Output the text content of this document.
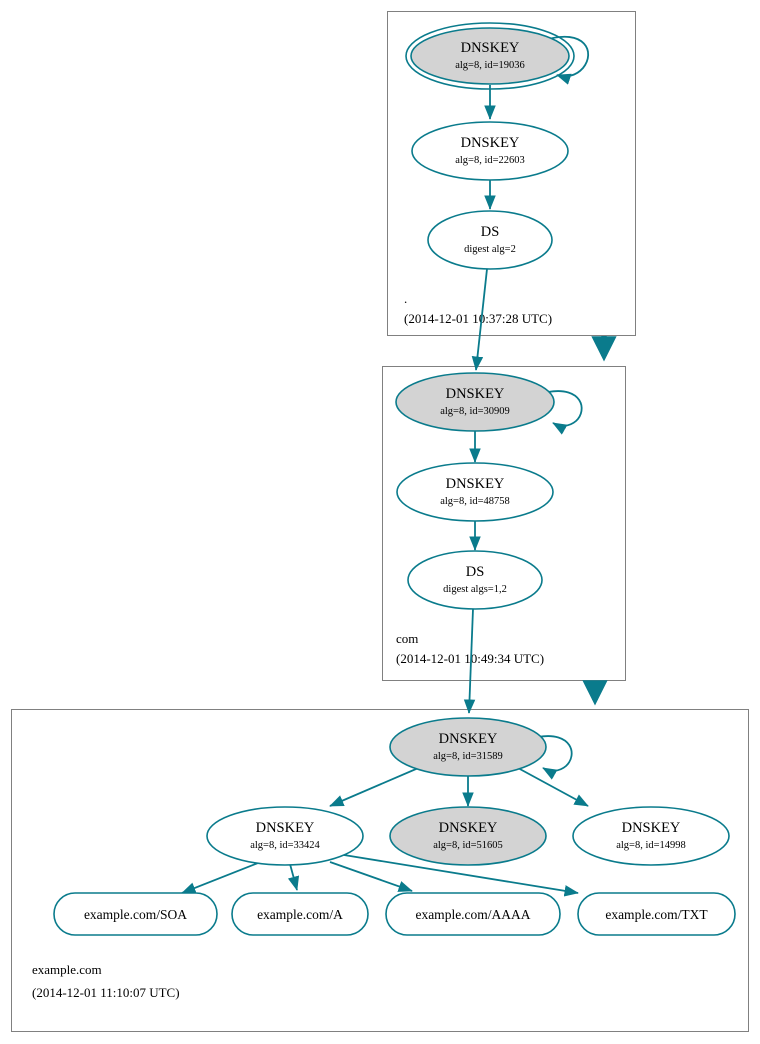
DNSKEY
alg=8, id=19036
DNSKEY
alg=8, id=22603
DS
digest alg=2
.
(2014-12-01 10:37:28 UTC)
DNSKEY
alg=8, id=30909
DNSKEY
alg=8, id=48758
DS
digest algs=1,2
com
(2014-12-01 10:49:34 UTC)
DNSKEY
alg=8, id=31589
DNSKEY
alg=8, id=33424
DNSKEY
alg=8, id=51605
DNSKEY
alg=8, id=14998
example.com/SOA	example.com/A	example.com/AAAA	example.com/TXT
example.com
(2014-12-01 11:10:07 UTC)
